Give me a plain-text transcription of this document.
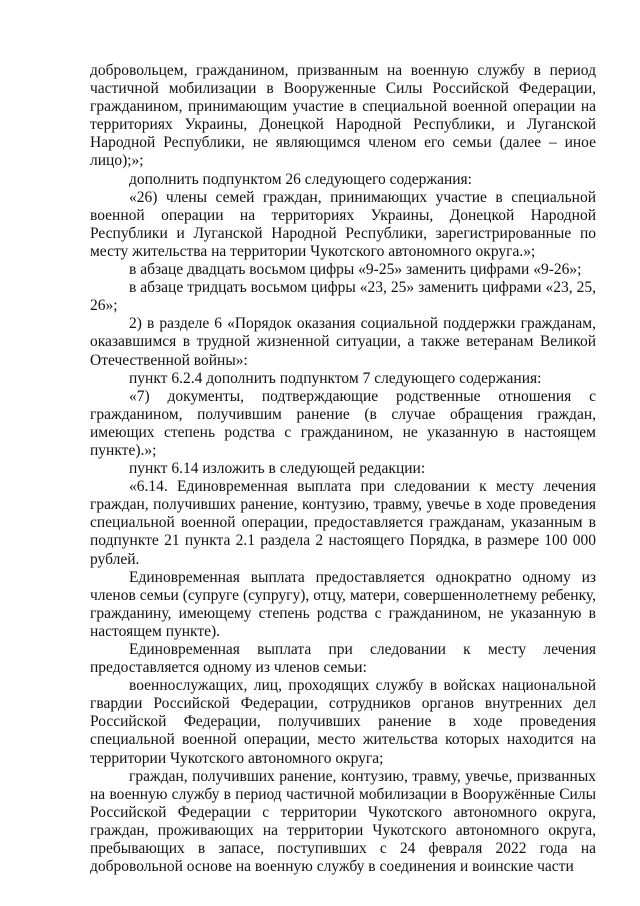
добровольцем, гражданином, призванным на военную службу в период частичной мобилизации в Вооруженные Силы Российской Федерации, гражданином, принимающим участие в специальной военной операции на территориях Украины, Донецкой Народной Республики, и Луганской Народной Республики, не являющимся членом его семьи (далее – иное лицо);»;

дополнить подпунктом 26 следующего содержания:

«26) члены семей граждан, принимающих участие в специальной военной операции на территориях Украины, Донецкой Народной Республики и Луганской Народной Республики, зарегистрированные по месту жительства на территории Чукотского автономного округа.»;

в абзаце двадцать восьмом цифры «9-25» заменить цифрами «9-26»;

в абзаце тридцать восьмом цифры «23, 25» заменить цифрами «23, 25, 26»;

2) в разделе 6 «Порядок оказания социальной поддержки гражданам, оказавшимся в трудной жизненной ситуации, а также ветеранам Великой Отечественной войны»:

пункт 6.2.4 дополнить подпунктом 7 следующего содержания:

«7) документы, подтверждающие родственные отношения с гражданином, получившим ранение (в случае обращения граждан, имеющих степень родства с гражданином, не указанную в настоящем пункте).»;

пункт 6.14 изложить в следующей редакции:

«6.14. Единовременная выплата при следовании к месту лечения граждан, получивших ранение, контузию, травму, увечье в ходе проведения специальной военной операции, предоставляется гражданам, указанным в подпункте 21 пункта 2.1 раздела 2 настоящего Порядка, в размере 100 000 рублей.

Единовременная выплата предоставляется однократно одному из членов семьи (супруге (супругу), отцу, матери, совершеннолетнему ребенку, гражданину, имеющему степень родства с гражданином, не указанную в настоящем пункте).

Единовременная выплата при следовании к месту лечения предоставляется одному из членов семьи:

военнослужащих, лиц, проходящих службу в войсках национальной гвардии Российской Федерации, сотрудников органов внутренних дел Российской Федерации, получивших ранение в ходе проведения специальной военной операции, место жительства которых находится на территории Чукотского автономного округа;

граждан, получивших ранение, контузию, травму, увечье, призванных на военную службу в период частичной мобилизации в Вооружённые Силы Российской Федерации с территории Чукотского автономного округа, граждан, проживающих на территории Чукотского автономного округа, пребывающих в запасе, поступивших с 24 февраля 2022 года на добровольной основе на военную службу в соединения и воинские части
